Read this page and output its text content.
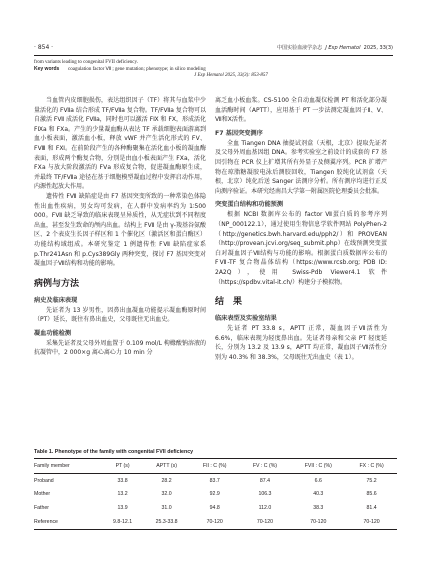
· 854 ·	中国实验血液学杂志 J Exp Hematol 2025, 33(3)
from variants leading to congenital FVII deficiency.
Key words coagulation factor Ⅶ ; gene mutation; phenotype; in silico modeling
J Exp Hematol 2025, 33(3): 853-857

当血管内皮细胞损伤，表达组织因子（TF）将其与血浆中少量活化的 FⅦa 结合形成 TF/FⅦa 复合物。TF/FⅦa 复合物可以自激活 FⅦ 成活化 FⅦa，同时也可以激活 FⅨ 和 FⅩ，形成活化 FⅨa 和 FⅩa。产生的少量凝血酶从表达 TF 承载细胞表面游离到血小板表面，激活血小板，释放 vWF 并产生活化形式的 FⅤ、FⅧ 和 FⅪ。在前阶段产生的各种酶聚集在活化血小板的凝血酶表面，形成两个酶复合物，分别是由血小板表面产生 FⅩa，活化 FⅩa 与放大阶段激活的 FⅤa 形成复合物，促进凝血酶原生成，并最终 TF/FⅦa 途径在基于细胞模型凝血过程中发挥启动作用，内源性起放大作用。

遗传性 FⅦ 缺陷症是由 F7 基因突变所致的一种常染色体隐性出血性疾病，男女均可发病，在人群中发病率约为 1∶500 000。FⅦ 缺乏导致的临床表现呈异质性，从无症状到不同程度出血，甚至发生致命的颅内出血。结构上 FⅦ 是由 γ-羧基谷氨酸区、2 个表皮生长因子样区和 1 个催化区（激活区和蛋白酶区）功能结构域组成。本研究鉴定 1 例遗传性 FⅦ 缺陷症家系 p.Thr241Asn 和 p.Cys389Gly 两种突变，探讨 F7 基因突变对凝血因子Ⅶ结构和功能的影响。

病例与方法
病史及临床表现

先证者为 13 岁男性，因鼻出血凝血功能提示凝血酶原时间（PT）延长，既往有鼻出血史，父母既往无出血史。

凝血功能检测

采集先证者及父母外周血置于 0.109 mol/L 枸橼酸钠溶液的抗凝管中，2 000×g 离心离心力 10 min 分

离乏血小板血浆。CS-5100 全自动血凝仪检测 PT 和活化部分凝血活酶时间（APTT），应用基于 PT 一步法测定凝血因子Ⅱ、Ⅴ、Ⅶ和Ⅹ活性。

F7 基因突变测序

全血 Tiangen DNA 抽提试剂盒（天根，北京）提取先证者及父母外周血基因组 DNA。参考实验室之前设计的成套的 F7 基因引物在 PCR 仪上扩增其所有外显子及侧翼序列。PCR 扩增产物在琼脂糖凝胶电泳后测胶回收，Tiangen 胶纯化试剂盒（天根，北京）纯化后送 Sanger 法测序分析。所有测序均进行正反向测序验证。本研究经南昌大学第一附属医院伦理委员会批准。

突变蛋白结构和功能预测

根据 NCBI 数据库公布的 factor Ⅶ蛋白质的参考序列（NP_000122.1），通过使用生物信息学软件网站 PolyPhen-2（http://genetics.bwh.harvard.edu/pph2/）和 PROVEAN（http://provean.jcvi.org/seq_submit.php）在线预测突变蛋白对凝血因子Ⅶ结构与功能的影响。根据蛋白质数据库公布的 FⅦ-TF 复合物晶体结构（https://www.rcsb.org; PDB ID: 2A2Q），使用 Swiss-Pdb Viewer4.1 软件（https://spdbv.vital-it.ch/）构建分子模拟物。

结　果
临床表型及实验室结果

先证者 PT 33.8 s，APTT 正常，凝血因子Ⅶ活性为 6.6%，临床表现为轻度鼻出血。先证者母亲和父亲 PT 轻度延长，分别为 13.2 及 13.9 s，APTT 均正常，凝血因子Ⅶ活性分别为 40.3% 和 38.3%，父母既往无出血史（表 1）。

Table 1. Phenotype of the family with congenital FVII deficiency
Family member	PT (s)	APTT (s)	FII : C (%)	FV : C (%)	FVII : C (%)	FX : C (%)
Proband	33.8	28.2	83.7	87.4	6.6	75.2
Mother	13.2	32.0	92.9	106.3	40.3	85.6
Father	13.9	31.0	94.8	112.0	38.3	81.4
Reference	9.8-12.1	25.3-33.8	70-120	70-120	70-120	70-120
